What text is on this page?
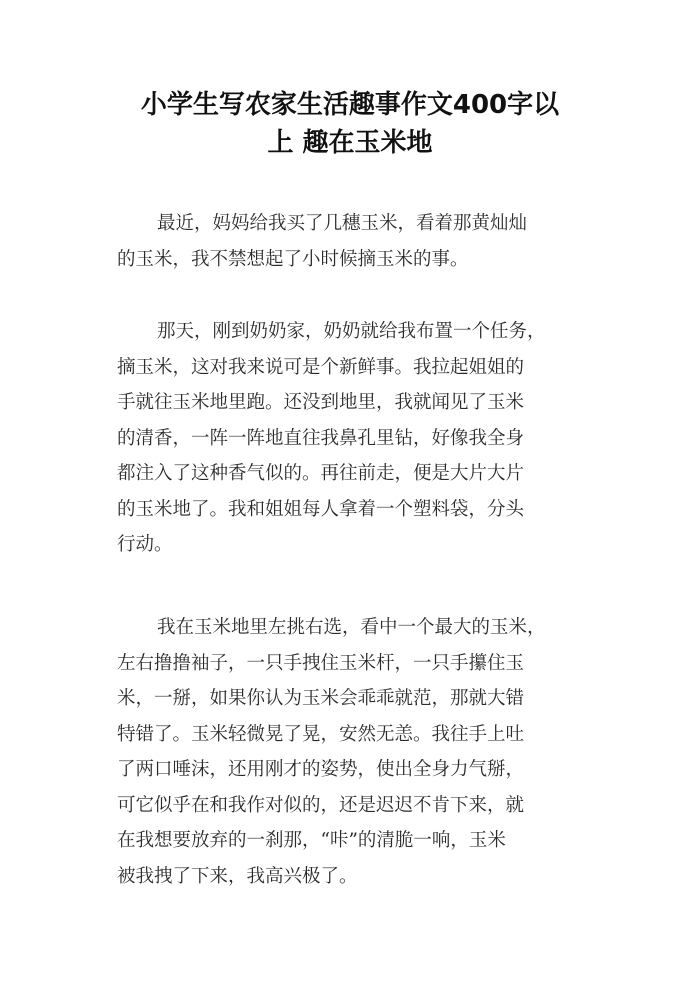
小学生写农家生活趣事作文400字以
上 趣在玉米地

最近，妈妈给我买了几穗玉米，看着那黄灿灿
的玉米，我不禁想起了小时候摘玉米的事。

那天，刚到奶奶家，奶奶就给我布置一个任务，
摘玉米，这对我来说可是个新鲜事。我拉起姐姐的
手就往玉米地里跑。还没到地里，我就闻见了玉米
的清香，一阵一阵地直往我鼻孔里钻，好像我全身
都注入了这种香气似的。再往前走，便是大片大片
的玉米地了。我和姐姐每人拿着一个塑料袋，分头
行动。

我在玉米地里左挑右选，看中一个最大的玉米，
左右撸撸袖子，一只手拽住玉米杆，一只手攥住玉
米，一掰，如果你认为玉米会乖乖就范，那就大错
特错了。玉米轻微晃了晃，安然无恙。我往手上吐
了两口唾沫，还用刚才的姿势，使出全身力气掰，
可它似乎在和我作对似的，还是迟迟不肯下来，就
在我想要放弃的一刹那，“咔”的清脆一响，玉米
被我拽了下来，我高兴极了。
